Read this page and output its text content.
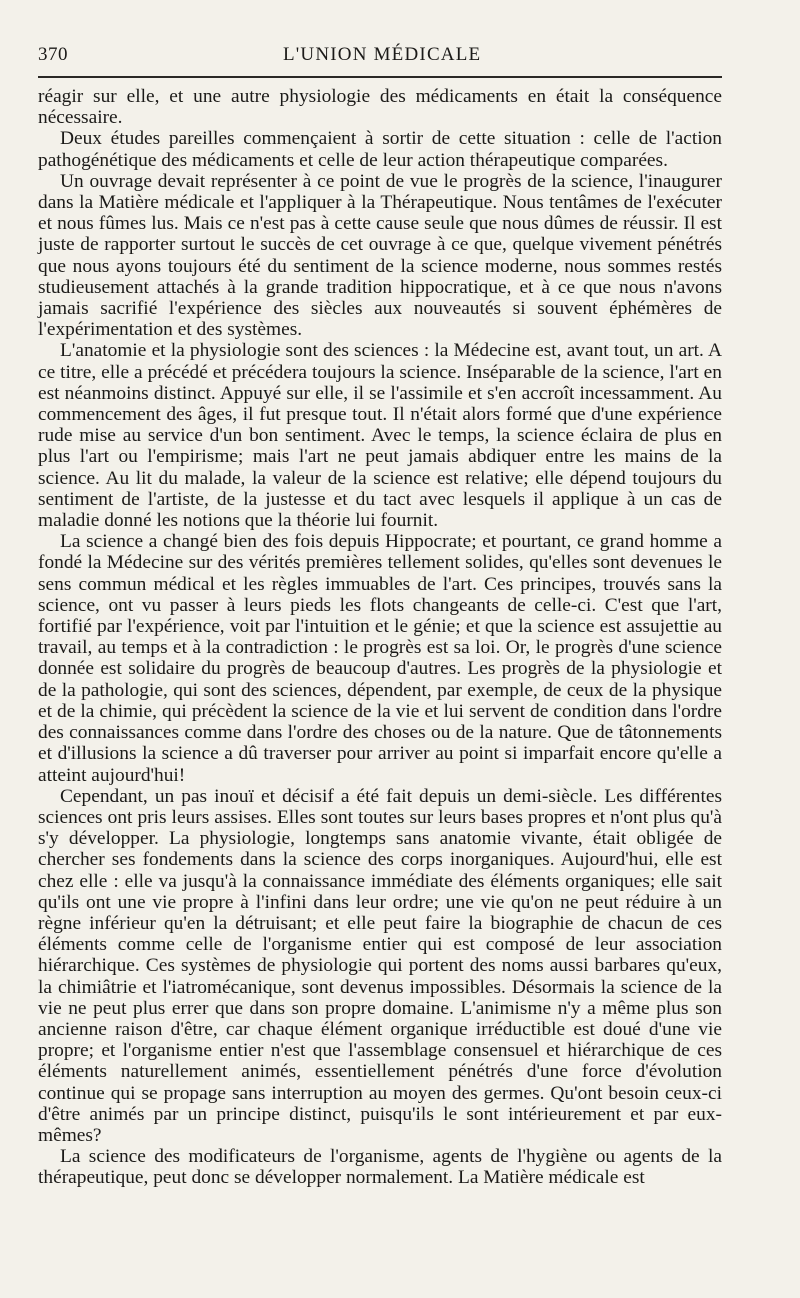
370	L'UNION MÉDICALE

réagir sur elle, et une autre physiologie des médicaments en était la conséquence nécessaire.

Deux études pareilles commençaient à sortir de cette situation : celle de l'action pathogénétique des médicaments et celle de leur action thérapeutique comparées.

Un ouvrage devait représenter à ce point de vue le progrès de la science, l'inaugurer dans la Matière médicale et l'appliquer à la Thérapeutique. Nous tentâmes de l'exécuter et nous fûmes lus. Mais ce n'est pas à cette cause seule que nous dûmes de réussir. Il est juste de rapporter surtout le succès de cet ouvrage à ce que, quelque vivement pénétrés que nous ayons toujours été du sentiment de la science moderne, nous sommes restés studieusement attachés à la grande tradition hippocratique, et à ce que nous n'avons jamais sacrifié l'expérience des siècles aux nouveautés si souvent éphémères de l'expérimentation et des systèmes.

L'anatomie et la physiologie sont des sciences : la Médecine est, avant tout, un art. A ce titre, elle a précédé et précédera toujours la science. Inséparable de la science, l'art en est néanmoins distinct. Appuyé sur elle, il se l'assimile et s'en accroît incessamment. Au commencement des âges, il fut presque tout. Il n'était alors formé que d'une expérience rude mise au service d'un bon sentiment. Avec le temps, la science éclaira de plus en plus l'art ou l'empirisme; mais l'art ne peut jamais abdiquer entre les mains de la science. Au lit du malade, la valeur de la science est relative; elle dépend toujours du sentiment de l'artiste, de la justesse et du tact avec lesquels il applique à un cas de maladie donné les notions que la théorie lui fournit.

La science a changé bien des fois depuis Hippocrate; et pourtant, ce grand homme a fondé la Médecine sur des vérités premières tellement solides, qu'elles sont devenues le sens commun médical et les règles immuables de l'art. Ces principes, trouvés sans la science, ont vu passer à leurs pieds les flots changeants de celle-ci. C'est que l'art, fortifié par l'expérience, voit par l'intuition et le génie; et que la science est assujettie au travail, au temps et à la contradiction : le progrès est sa loi. Or, le progrès d'une science donnée est solidaire du progrès de beaucoup d'autres. Les progrès de la physiologie et de la pathologie, qui sont des sciences, dépendent, par exemple, de ceux de la physique et de la chimie, qui précèdent la science de la vie et lui servent de condition dans l'ordre des connaissances comme dans l'ordre des choses ou de la nature. Que de tâtonnements et d'illusions la science a dû traverser pour arriver au point si imparfait encore qu'elle a atteint aujourd'hui!

Cependant, un pas inouï et décisif a été fait depuis un demi-siècle. Les différentes sciences ont pris leurs assises. Elles sont toutes sur leurs bases propres et n'ont plus qu'à s'y développer. La physiologie, longtemps sans anatomie vivante, était obligée de chercher ses fondements dans la science des corps inorganiques. Aujourd'hui, elle est chez elle : elle va jusqu'à la connaissance immédiate des éléments organiques; elle sait qu'ils ont une vie propre à l'infini dans leur ordre; une vie qu'on ne peut réduire à un règne inférieur qu'en la détruisant; et elle peut faire la biographie de chacun de ces éléments comme celle de l'organisme entier qui est composé de leur association hiérarchique. Ces systèmes de physiologie qui portent des noms aussi barbares qu'eux, la chimiâtrie et l'iatromécanique, sont devenus impossibles. Désormais la science de la vie ne peut plus errer que dans son propre domaine. L'animisme n'y a même plus son ancienne raison d'être, car chaque élément organique irréductible est doué d'une vie propre; et l'organisme entier n'est que l'assemblage consensuel et hiérarchique de ces éléments naturellement animés, essentiellement pénétrés d'une force d'évolution continue qui se propage sans interruption au moyen des germes. Qu'ont besoin ceux-ci d'être animés par un principe distinct, puisqu'ils le sont intérieurement et par eux-mêmes?

La science des modificateurs de l'organisme, agents de l'hygiène ou agents de la thérapeutique, peut donc se développer normalement. La Matière médicale est
